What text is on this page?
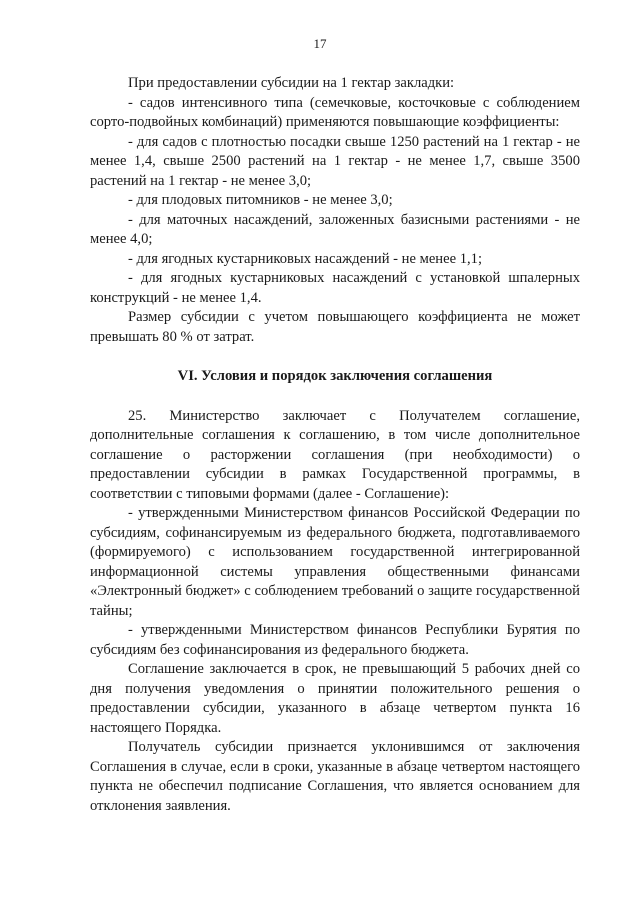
17

При предоставлении субсидии на 1 гектар закладки:

- садов интенсивного типа (семечковые, косточковые с соблюдением сорто-подвойных комбинаций) применяются повышающие коэффициенты:

- для садов с плотностью посадки свыше 1250 растений на 1 гектар - не менее 1,4, свыше 2500 растений на 1 гектар - не менее 1,7, свыше 3500 растений на 1 гектар - не менее 3,0;

- для плодовых питомников - не менее 3,0;

- для маточных насаждений, заложенных базисными растениями - не менее 4,0;

- для ягодных кустарниковых насаждений - не менее 1,1;

- для ягодных кустарниковых насаждений с установкой шпалерных конструкций - не менее 1,4.

Размер субсидии с учетом повышающего коэффициента не может превышать 80 % от затрат.

VI. Условия и порядок заключения соглашения

25. Министерство заключает с Получателем соглашение, дополнительные соглашения к соглашению, в том числе дополнительное соглашение о расторжении соглашения (при необходимости) о предоставлении субсидии в рамках Государственной программы, в соответствии с типовыми формами (далее - Соглашение):

- утвержденными Министерством финансов Российской Федерации по субсидиям, софинансируемым из федерального бюджета, подготавливаемого (формируемого) с использованием государственной интегрированной информационной системы управления общественными финансами «Электронный бюджет» с соблюдением требований о защите государственной тайны;

- утвержденными Министерством финансов Республики Бурятия по субсидиям без софинансирования из федерального бюджета.

Соглашение заключается в срок, не превышающий 5 рабочих дней со дня получения уведомления о принятии положительного решения о предоставлении субсидии, указанного в абзаце четвертом пункта 16 настоящего Порядка.

Получатель субсидии признается уклонившимся от заключения Соглашения в случае, если в сроки, указанные в абзаце четвертом настоящего пункта не обеспечил подписание Соглашения, что является основанием для отклонения заявления.
